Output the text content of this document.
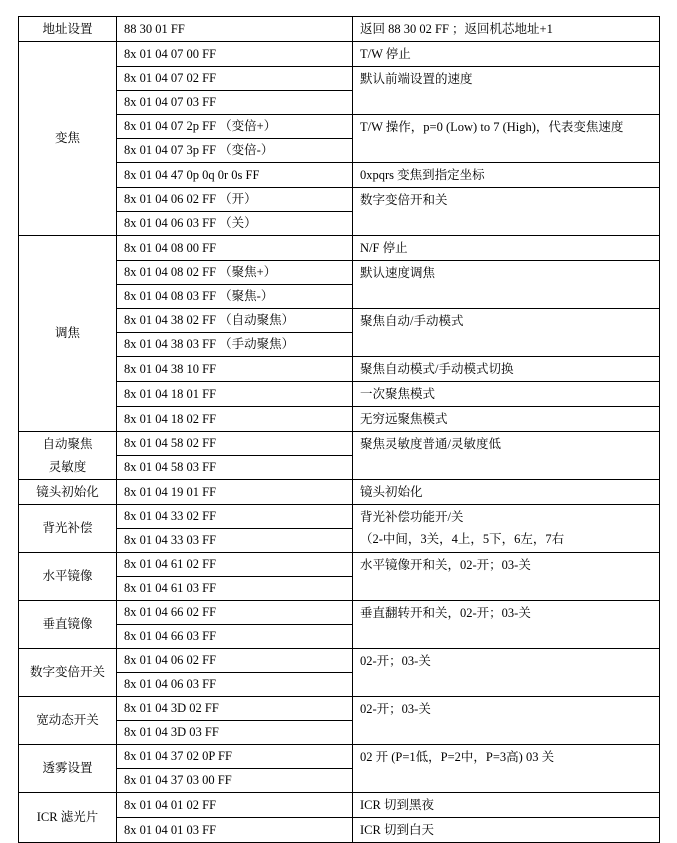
地址设置	88 30 01 FF	返回 88 30 02 FF ；返回机芯地址+1

变焦	8x 01 04 07 00 FF	T/W 停止

	8x 01 04 07 02 FF	默认前端设置的速度

	8x 01 04 07 03 FF	

	8x 01 04 07 2p FF （变倍+）	T/W 操作，p=0 (Low) to 7 (High)，代表变焦速度

	8x 01 04 07 3p FF （变倍-）	

	8x 01 04 47 0p 0q 0r 0s FF	0xpqrs 变焦到指定坐标

	8x 01 04 06 02 FF （开）	数字变倍开和关

	8x 01 04 06 03 FF （关）	

调焦	8x 01 04 08 00 FF	N/F 停止

	8x 01 04 08 02 FF （聚焦+）	默认速度调焦

	8x 01 04 08 03 FF （聚焦-）	

	8x 01 04 38 02 FF （自动聚焦）	聚焦自动/手动模式

	8x 01 04 38 03 FF （手动聚焦）	

	8x 01 04 38 10 FF	聚焦自动模式/手动模式切换

	8x 01 04 18 01 FF	一次聚焦模式

	8x 01 04 18 02 FF	无穷远聚焦模式

自动聚焦
灵敏度	8x 01 04 58 02 FF	聚焦灵敏度普通/灵敏度低

	8x 01 04 58 03 FF	

镜头初始化	8x 01 04 19 01 FF	镜头初始化

背光补偿	8x 01 04 33 02 FF	背光补偿功能开/关
（2-中间，3关，4上，5下，6左，7右

	8x 01 04 33 03 FF	

水平镜像	8x 01 04 61 02 FF	水平镜像开和关，02-开；03-关

	8x 01 04 61 03 FF	

垂直镜像	8x 01 04 66 02 FF	垂直翻转开和关，02-开；03-关

	8x 01 04 66 03 FF	

数字变倍开关	8x 01 04 06 02 FF	02-开；03-关

	8x 01 04 06 03 FF	

宽动态开关	8x 01 04 3D 02 FF	02-开；03-关

	8x 01 04 3D 03 FF	

透雾设置	8x 01 04 37 02 0P FF	02 开 (P=1低，P=2中，P=3高) 03 关

	8x 01 04 37 03 00 FF	

ICR 滤光片	8x 01 04 01 02 FF	ICR 切到黑夜

	8x 01 04 01 03 FF	ICR 切到白天
